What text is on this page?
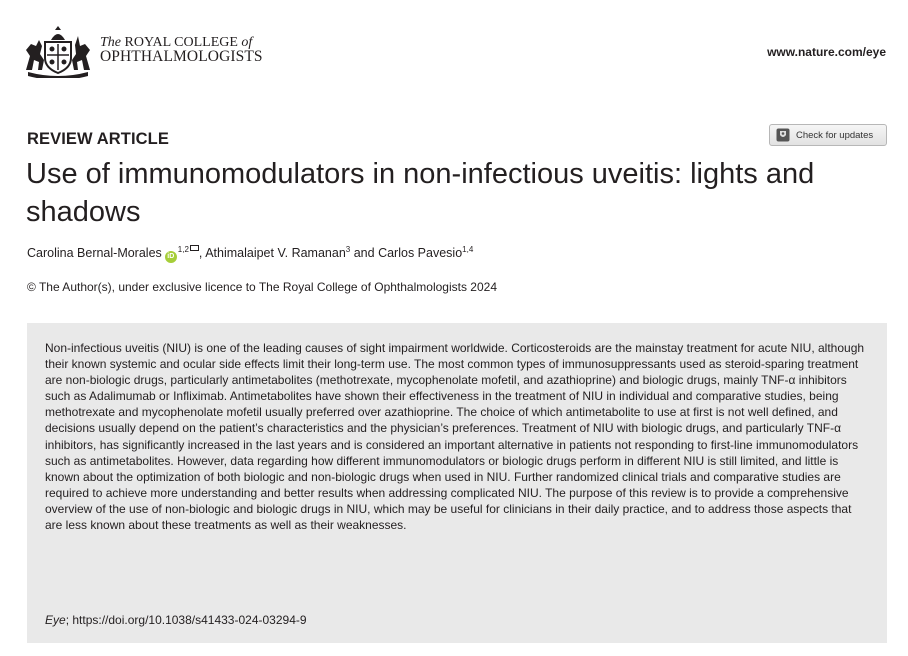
The ROYAL COLLEGE of
OPHTHALMOLOGISTS	www.nature.com/eye
REVIEW ARTICLE	Check for updates
Use of immunomodulators in non-infectious uveitis: lights and shadows
Carolina Bernal-Morales iD$^{1,2}$ , Athimalaipet V. Ramanan$^3$ and Carlos Pavesio$^{1,4}$
© The Author(s), under exclusive licence to The Royal College of Ophthalmologists 2024

Non-infectious uveitis (NIU) is one of the leading causes of sight impairment worldwide. Corticosteroids are the mainstay treatment for acute NIU, although their known systemic and ocular side effects limit their long-term use. The most common types of immunosuppressants used as steroid-sparing treatment are non-biologic drugs, particularly antimetabolites (methotrexate, mycophenolate mofetil, and azathioprine) and biologic drugs, mainly TNF-α inhibitors such as Adalimumab or Infliximab. Antimetabolites have shown their effectiveness in the treatment of NIU in individual and comparative studies, being methotrexate and mycophenolate mofetil usually preferred over azathioprine. The choice of which antimetabolite to use at first is not well defined, and decisions usually depend on the patient’s characteristics and the physician’s preferences. Treatment of NIU with biologic drugs, and particularly TNF-α inhibitors, has significantly increased in the last years and is considered an important alternative in patients not responding to first-line immunomodulators such as antimetabolites. However, data regarding how different immunomodulators or biologic drugs perform in different NIU is still limited, and little is known about the optimization of both biologic and non-biologic drugs when used in NIU. Further randomized clinical trials and comparative studies are required to achieve more understanding and better results when addressing complicated NIU. The purpose of this review is to provide a comprehensive overview of the use of non-biologic and biologic drugs in NIU, which may be useful for clinicians in their daily practice, and to address those aspects that are less known about these treatments as well as their weaknesses.

Eye; https://doi.org/10.1038/s41433-024-03294-9
